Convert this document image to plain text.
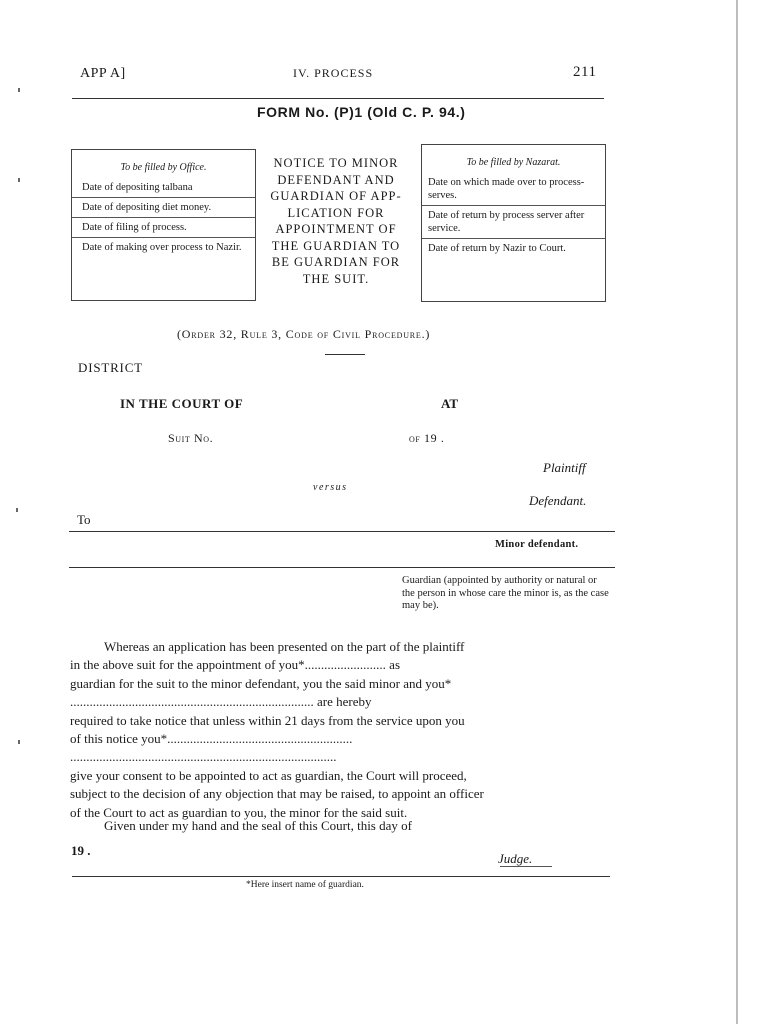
APP A]	IV. PROCESS	211
FORM No. (P)1 (Old C. P. 94.)
To be filled by Office.
Date of depositing talbana
Date of depositing diet money.
Date of filing of process.
Date of making over process to Nazir.
NOTICE TO MINOR
DEFENDANT AND
GUARDIAN OF APP-
LICATION FOR
APPOINTMENT OF
THE GUARDIAN TO
BE GUARDIAN FOR
THE SUIT.
To be filled by Nazarat.
Date on which made over to process-serves.
Date of return by process server after service.
Date of return by Nazir to Court.
(Order 32, Rule 3, Code of Civil Procedure.)
DISTRICT
IN THE COURT OF	AT
Suit No.	of 19 .
Plaintiff
versus
Defendant.
To
Minor defendant.
Guardian (appointed by authority or natural or the person in whose care the minor is, as the case may be).
Whereas an application has been presented on the part of the plaintiff
in the above suit for the appointment of you*......................... as
guardian for the suit to the minor defendant, you the said minor and you*
........................................................................... are hereby
required to take notice that unless within 21 days from the service upon you
of this notice you*.........................................................
..................................................................................
give your consent to be appointed to act as guardian, the Court will proceed,
subject to the decision of any objection that may be raised, to appoint an officer
of the Court to act as guardian to you, the minor for the said suit.
Given under my hand and the seal of this Court, this day of
19 .
Judge.
*Here insert name of guardian.
